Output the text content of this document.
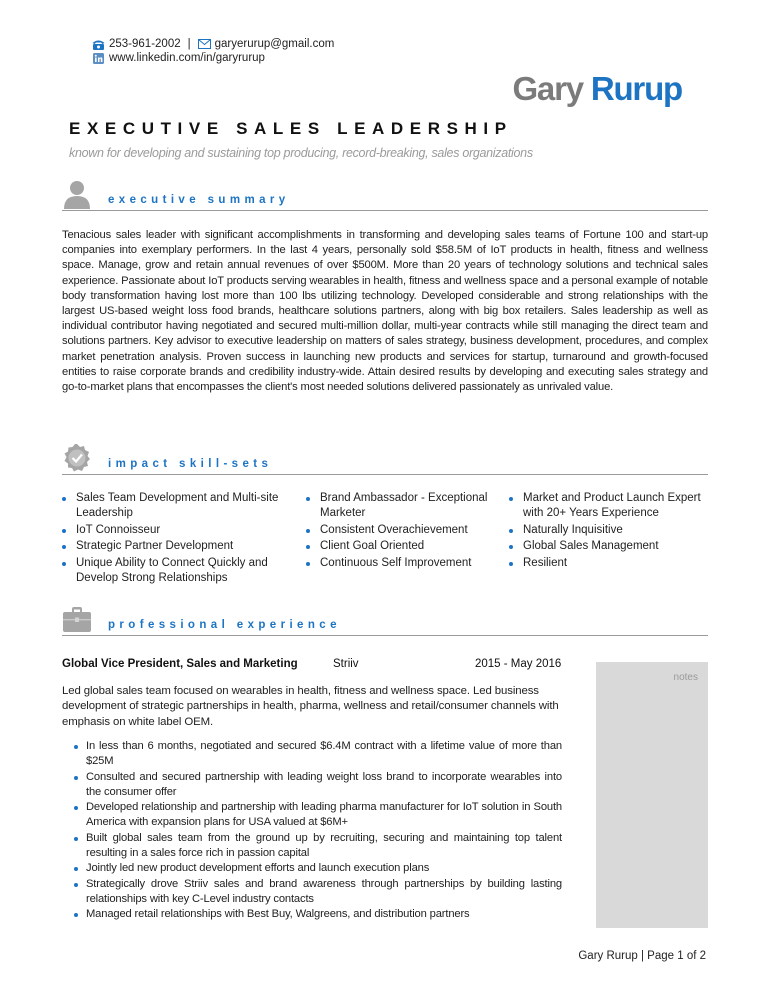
253-961-2002 | garyerurup@gmail.com
www.linkedin.com/in/garyrurup
Gary Rurup
EXECUTIVE SALES LEADERSHIP
known for developing and sustaining top producing, record-breaking, sales organizations
executive summary
Tenacious sales leader with significant accomplishments in transforming and developing sales teams of Fortune 100 and start-up companies into exemplary performers. In the last 4 years, personally sold $58.5M of IoT products in health, fitness and wellness space. Manage, grow and retain annual revenues of over $500M. More than 20 years of technology solutions and technical sales experience. Passionate about IoT products serving wearables in health, fitness and wellness space and a personal example of notable body transformation having lost more than 100 lbs utilizing technology. Developed considerable and strong relationships with the largest US-based weight loss food brands, healthcare solutions partners, along with big box retailers. Sales leadership as well as individual contributor having negotiated and secured multi-million dollar, multi-year contracts while still managing the direct team and solutions partners. Key advisor to executive leadership on matters of sales strategy, business development, procedures, and complex market penetration analysis. Proven success in launching new products and services for startup, turnaround and growth-focused entities to raise corporate brands and credibility industry-wide. Attain desired results by developing and executing sales strategy and go-to-market plans that encompasses the client's most needed solutions delivered passionately as unrivaled value.
impact skill-sets
Sales Team Development and Multi-site Leadership
IoT Connoisseur
Strategic Partner Development
Unique Ability to Connect Quickly and Develop Strong Relationships
Brand Ambassador - Exceptional Marketer
Consistent Overachievement
Client Goal Oriented
Continuous Self Improvement
Market and Product Launch Expert with 20+ Years Experience
Naturally Inquisitive
Global Sales Management
Resilient
professional experience
Global Vice President, Sales and Marketing	Striiv	2015 - May 2016
Led global sales team focused on wearables in health, fitness and wellness space. Led business development of strategic partnerships in health, pharma, wellness and retail/consumer channels with emphasis on white label OEM.
In less than 6 months, negotiated and secured $6.4M contract with a lifetime value of more than $25M
Consulted and secured partnership with leading weight loss brand to incorporate wearables into the consumer offer
Developed relationship and partnership with leading pharma manufacturer for IoT solution in South America with expansion plans for USA valued at $6M+
Built global sales team from the ground up by recruiting, securing and maintaining top talent resulting in a sales force rich in passion capital
Jointly led new product development efforts and launch execution plans
Strategically drove Striiv sales and brand awareness through partnerships by building lasting relationships with key C-Level industry contacts
Managed retail relationships with Best Buy, Walgreens, and distribution partners
notes
Gary Rurup | Page 1 of 2
